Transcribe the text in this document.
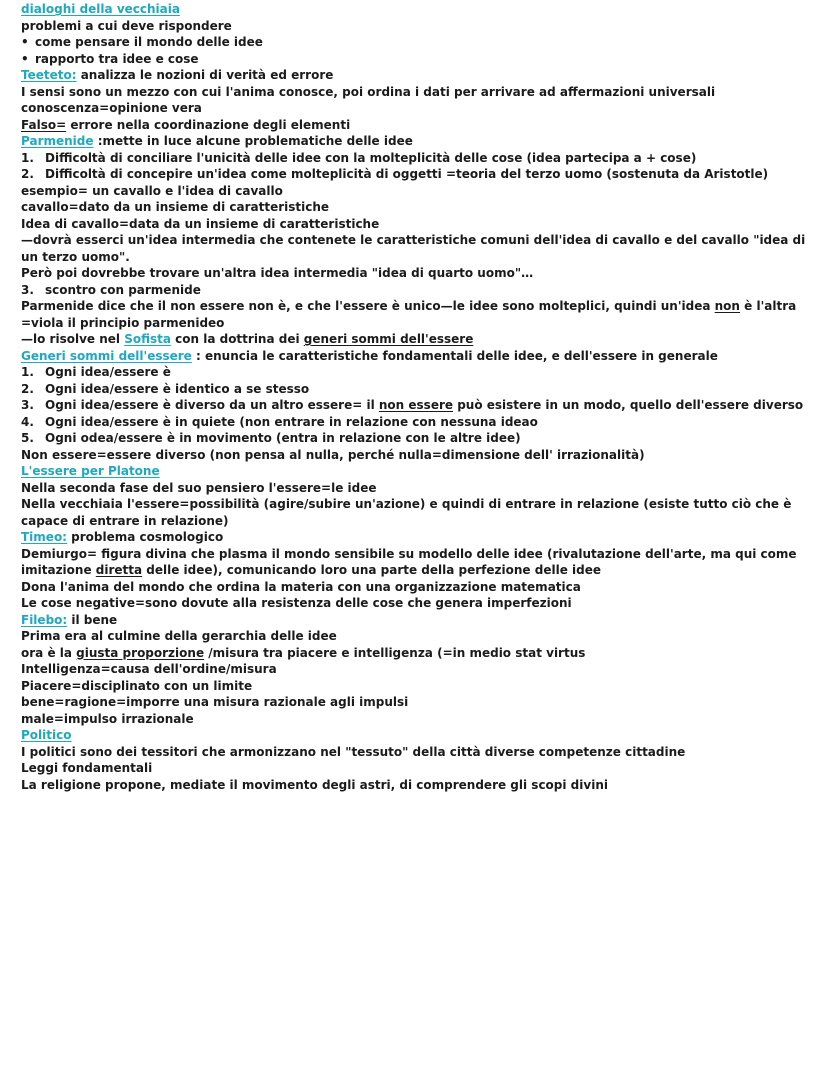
dialoghi della vecchiaia
problemi a cui deve rispondere
• come pensare il mondo delle idee
• rapporto tra idee e cose
Teeteto: analizza le nozioni di verità ed errore
I sensi sono un mezzo con cui l'anima conosce, poi ordina i dati per arrivare ad affermazioni universali
conoscenza=opinione vera
Falso= errore nella coordinazione degli elementi
Parmenide :mette in luce alcune problematiche delle idee
1. Difficoltà di conciliare l'unicità delle idee con la molteplicità delle cose (idea partecipa a + cose)
2. Difficoltà di concepire un'idea come molteplicità di oggetti =teoria del terzo uomo (sostenuta da Aristotle)
esempio= un cavallo e l'idea di cavallo
cavallo=dato da un insieme di caratteristiche
Idea di cavallo=data da un insieme di caratteristiche
—dovrà esserci un'idea intermedia che contenete le caratteristiche comuni dell'idea di cavallo e del cavallo "idea di un terzo uomo".
Però poi dovrebbe trovare un'altra idea intermedia "idea di quarto uomo"…
3. scontro con parmenide
Parmenide dice che il non essere non è, e che l'essere è unico—le idee sono molteplici, quindi un'idea non è l'altra =viola il principio parmenideo
—lo risolve nel Sofista con la dottrina dei generi sommi dell'essere
Generi sommi dell'essere : enuncia le caratteristiche fondamentali delle idee, e dell'essere in generale
1. Ogni idea/essere è
2. Ogni idea/essere è identico a se stesso
3. Ogni idea/essere è diverso da un altro essere= il non essere può esistere in un modo, quello dell'essere diverso
4. Ogni idea/essere è in quiete (non entrare in relazione con nessuna ideao
5. Ogni odea/essere è in movimento (entra in relazione con le altre idee)
Non essere=essere diverso (non pensa al nulla, perché nulla=dimensione dell' irrazionalità)
L'essere per Platone
Nella seconda fase del suo pensiero l'essere=le idee
Nella vecchiaia l'essere=possibilità (agire/subire un'azione) e quindi di entrare in relazione (esiste tutto ciò che è capace di entrare in relazione)
Timeo: problema cosmologico
Demiurgo= figura divina che plasma il mondo sensibile su modello delle idee (rivalutazione dell'arte, ma qui come imitazione diretta delle idee), comunicando loro una parte della perfezione delle idee
Dona l'anima del mondo che ordina la materia con una organizzazione matematica
Le cose negative=sono dovute alla resistenza delle cose che genera imperfezioni
Filebo: il bene
Prima era al culmine della gerarchia delle idee
ora è la giusta proporzione /misura tra piacere e intelligenza (=in medio stat virtus
Intelligenza=causa dell'ordine/misura
Piacere=disciplinato con un limite
bene=ragione=imporre una misura razionale agli impulsi
male=impulso irrazionale
Politico
I politici sono dei tessitori che armonizzano nel "tessuto" della città diverse competenze cittadine
Leggi fondamentali
La religione propone, mediate il movimento degli astri, di comprendere gli scopi divini
